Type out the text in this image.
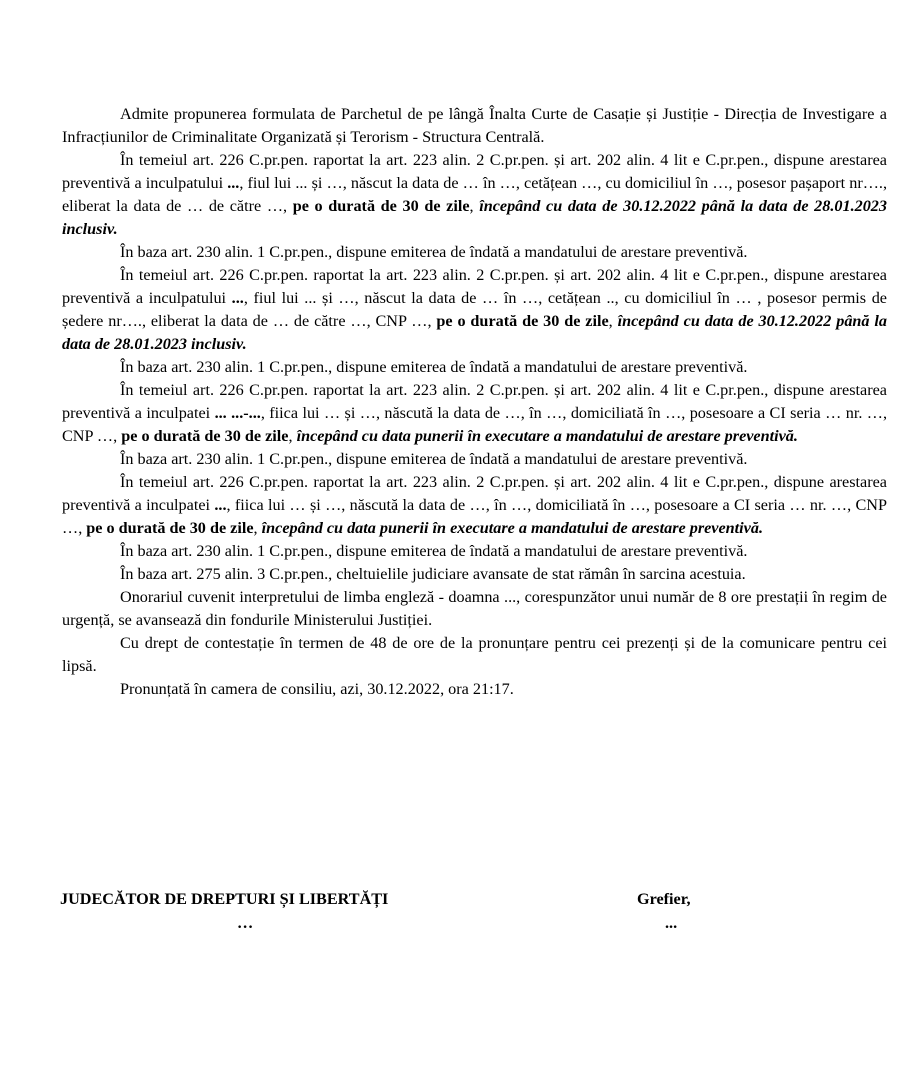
Admite propunerea formulata de Parchetul de pe lângă Înalta Curte de Casație și Justiție - Direcția de Investigare a Infracțiunilor de Criminalitate Organizată și Terorism - Structura Centrală.

În temeiul art. 226 C.pr.pen. raportat la art. 223 alin. 2 C.pr.pen. și art. 202 alin. 4 lit e C.pr.pen., dispune arestarea preventivă a inculpatului ..., fiul lui ... și …, născut la data de … în …, cetățean …, cu domiciliul în …, posesor pașaport nr…., eliberat la data de … de către …, pe o durată de 30 de zile, începând cu data de 30.12.2022 până la data de 28.01.2023 inclusiv.

În baza art. 230 alin. 1 C.pr.pen., dispune emiterea de îndată a mandatului de arestare preventivă.

În temeiul art. 226 C.pr.pen. raportat la art. 223 alin. 2 C.pr.pen. și art. 202 alin. 4 lit e C.pr.pen., dispune arestarea preventivă a inculpatului ..., fiul lui ... și …, născut la data de … în …, cetățean .., cu domiciliul în … , posesor permis de ședere nr…., eliberat la data de … de către …, CNP …, pe o durată de 30 de zile, începând cu data de 30.12.2022 până la data de 28.01.2023 inclusiv.

În baza art. 230 alin. 1 C.pr.pen., dispune emiterea de îndată a mandatului de arestare preventivă.

În temeiul art. 226 C.pr.pen. raportat la art. 223 alin. 2 C.pr.pen. și art. 202 alin. 4 lit e C.pr.pen., dispune arestarea preventivă a inculpatei ... ...-..., fiica lui … și …, născută la data de …, în …, domiciliată în …, posesoare a CI seria … nr. …, CNP …, pe o durată de 30 de zile, începând cu data punerii în executare a mandatului de arestare preventivă.

În baza art. 230 alin. 1 C.pr.pen., dispune emiterea de îndată a mandatului de arestare preventivă.

În temeiul art. 226 C.pr.pen. raportat la art. 223 alin. 2 C.pr.pen. și art. 202 alin. 4 lit e C.pr.pen., dispune arestarea preventivă a inculpatei ..., fiica lui … și …, născută la data de …, în …, domiciliată în …, posesoare a CI seria … nr. …, CNP …, pe o durată de 30 de zile, începând cu data punerii în executare a mandatului de arestare preventivă.

În baza art. 230 alin. 1 C.pr.pen., dispune emiterea de îndată a mandatului de arestare preventivă.

În baza art. 275 alin. 3 C.pr.pen., cheltuielile judiciare avansate de stat rămân în sarcina acestuia.

Onorariul cuvenit interpretului de limba engleză - doamna ..., corespunzător unui număr de 8 ore prestații în regim de urgență, se avansează din fondurile Ministerului Justiției.

Cu drept de contestație în termen de 48 de ore de la pronunțare pentru cei prezenți și de la comunicare pentru cei lipsă.

Pronunțată în camera de consiliu, azi, 30.12.2022, ora 21:17.

JUDECĂTOR DE DREPTURI ȘI LIBERTĂȚI
…
Grefier,
...
